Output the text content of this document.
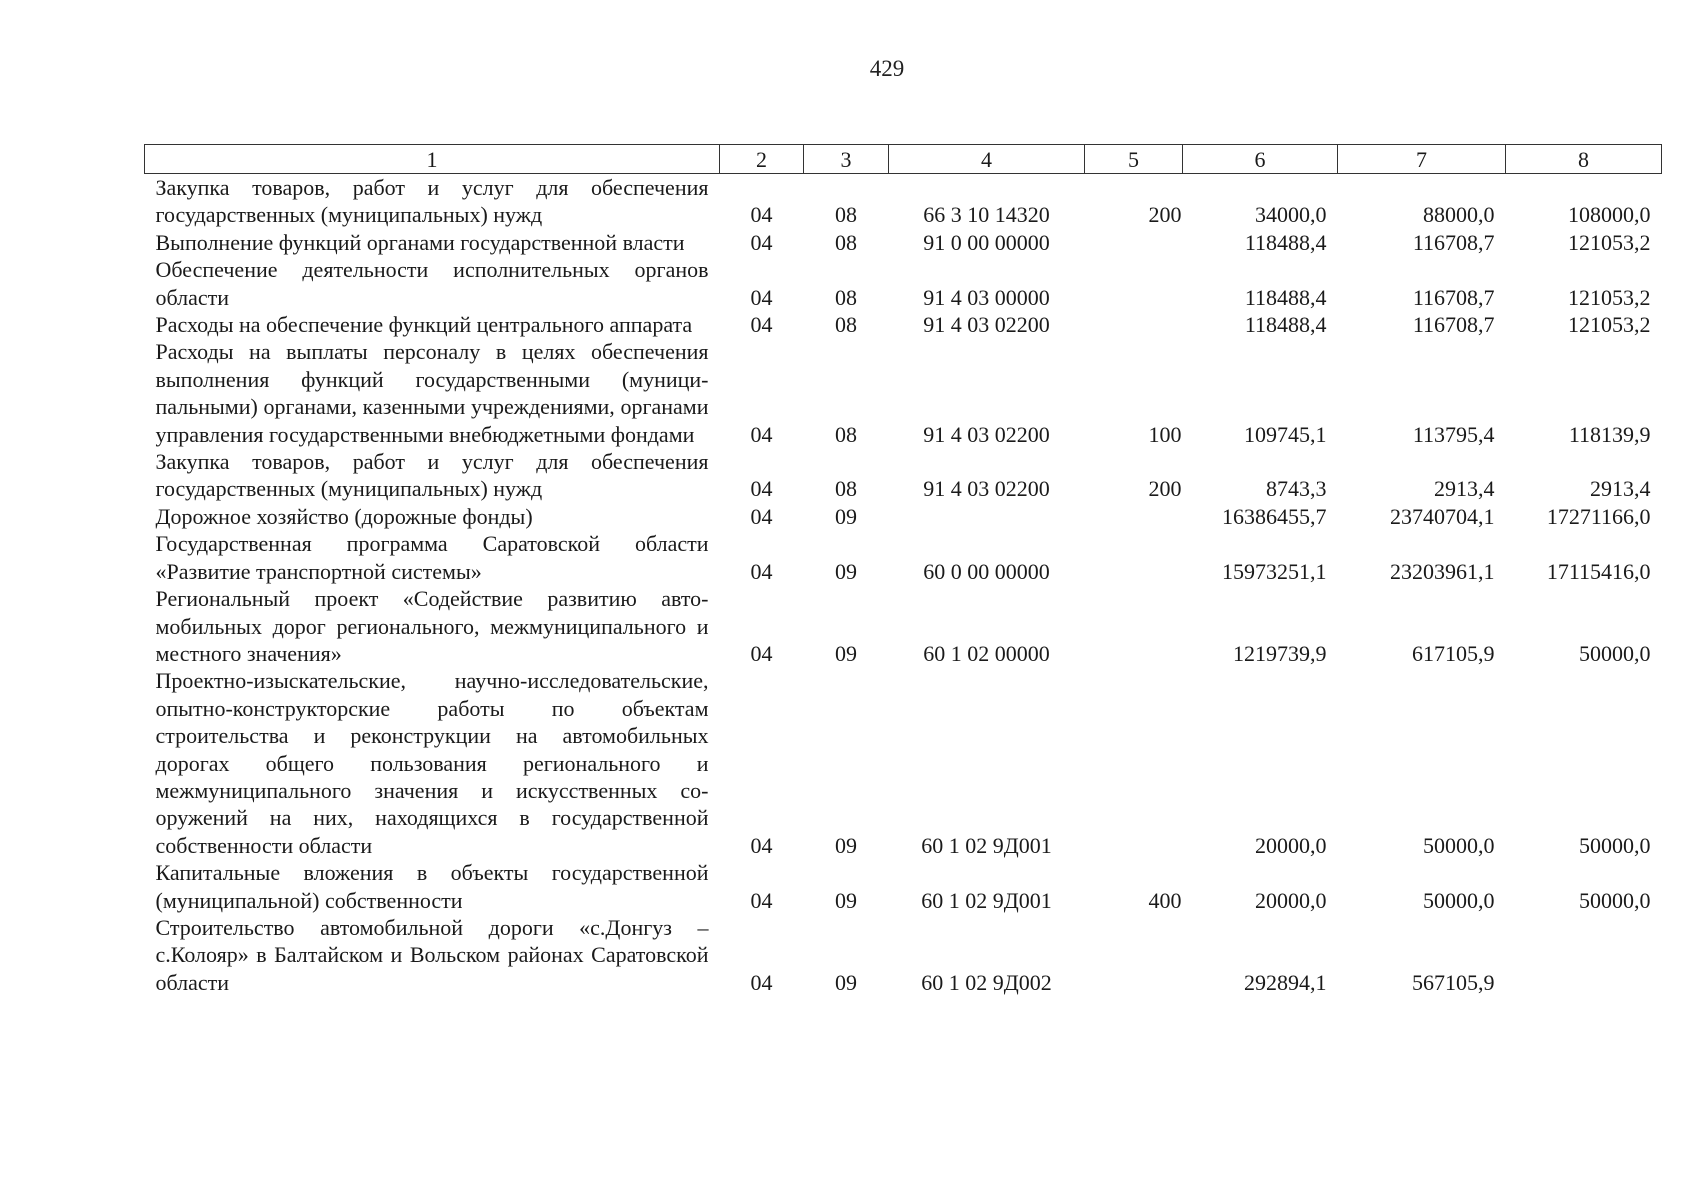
429
1	2	3	4	5	6	7	8
Закупка товаров, работ и услуг для обеспечения государственных (муниципальных) нужд	04	08	66 3 10 14320	200	34000,0	88000,0	108000,0
Выполнение функций органами государственной власти	04	08	91 0 00 00000		118488,4	116708,7	121053,2
Обеспечение деятельности исполнительных органов области	04	08	91 4 03 00000		118488,4	116708,7	121053,2
Расходы на обеспечение функций центрального аппарата	04	08	91 4 03 02200		118488,4	116708,7	121053,2
Расходы на выплаты персоналу в целях обеспечения выполнения функций государственными (муниципальными) органами, казенными учреждениями, органами управления государственными внебюджетными фондами	04	08	91 4 03 02200	100	109745,1	113795,4	118139,9
Закупка товаров, работ и услуг для обеспечения государственных (муниципальных) нужд	04	08	91 4 03 02200	200	8743,3	2913,4	2913,4
Дорожное хозяйство (дорожные фонды)	04	09			16386455,7	23740704,1	17271166,0
Государственная программа Саратовской области «Развитие транспортной системы»	04	09	60 0 00 00000		15973251,1	23203961,1	17115416,0
Региональный проект «Содействие развитию автомобильных дорог регионального, межмуниципального и местного значения»	04	09	60 1 02 00000		1219739,9	617105,9	50000,0
Проектно-изыскательские, научно-исследовательские, опытно-конструкторские работы по объектам строительства и реконструкции на автомобильных дорогах общего пользования регионального и межмуниципального значения и искусственных сооружений на них, находящихся в государственной собственности области	04	09	60 1 02 9Д001		20000,0	50000,0	50000,0
Капитальные вложения в объекты государственной (муниципальной) собственности	04	09	60 1 02 9Д001	400	20000,0	50000,0	50000,0
Строительство автомобильной дороги «с.Донгуз – с.Колояр» в Балтайском и Вольском районах Саратовской области	04	09	60 1 02 9Д002		292894,1	567105,9	
